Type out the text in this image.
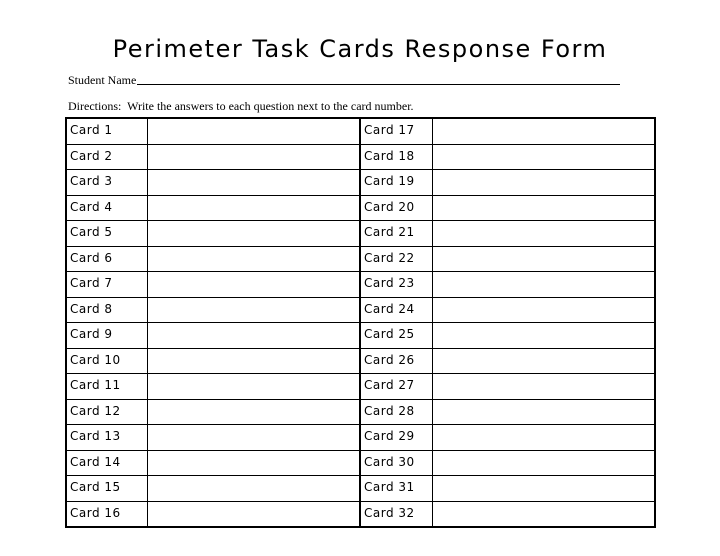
Perimeter Task Cards Response Form
Student Name
Directions:  Write the answers to each question next to the card number.
Card 1		Card 17	
Card 2		Card 18	
Card 3		Card 19	
Card 4		Card 20	
Card 5		Card 21	
Card 6		Card 22	
Card 7		Card 23	
Card 8		Card 24	
Card 9		Card 25	
Card 10		Card 26	
Card 11		Card 27	
Card 12		Card 28	
Card 13		Card 29	
Card 14		Card 30	
Card 15		Card 31	
Card 16		Card 32	
